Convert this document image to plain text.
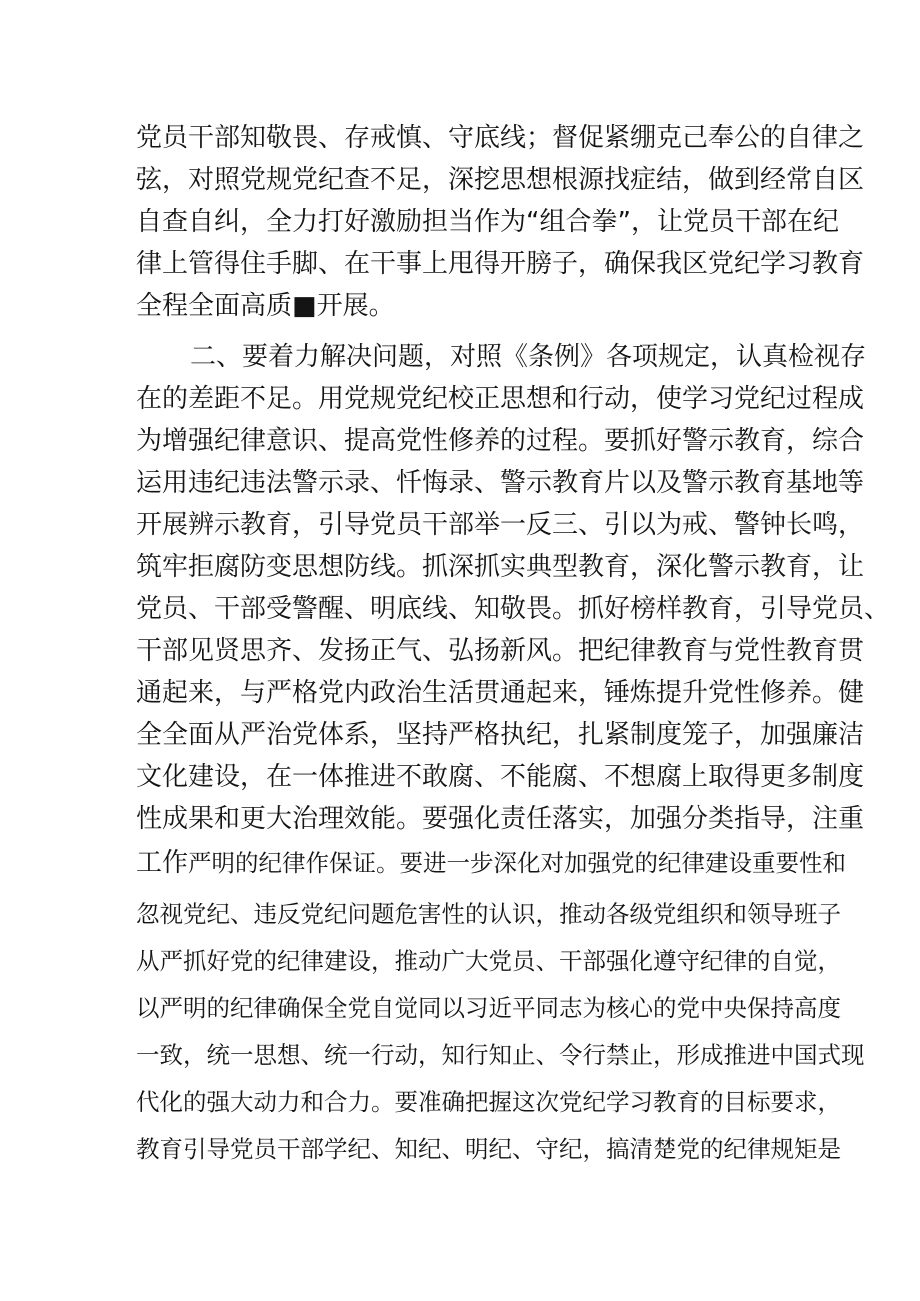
党员干部知敬畏、存戒慎、守底线；督促紧绷克己奉公的自律之
弦，对照党规党纪查不足，深挖思想根源找症结，做到经常自区
自查自纠，全力打好激励担当作为“组合拳”，让党员干部在纪
律上管得住手脚、在干事上甩得开膀子，确保我区党纪学习教育
全程全面高质■开展。
二、要着力解决问题，对照《条例》各项规定，认真检视存
在的差距不足。用党规党纪校正思想和行动，使学习党纪过程成
为增强纪律意识、提高党性修养的过程。要抓好警示教育，综合
运用违纪违法警示录、忏悔录、警示教育片以及警示教育基地等
开展辨示教育，引导党员干部举一反三、引以为戒、警钟长鸣，
筑牢拒腐防变思想防线。抓深抓实典型教育，深化警示教育，让
党员、干部受警醒、明底线、知敬畏。抓好榜样教育，引导党员、
干部见贤思齐、发扬正气、弘扬新风。把纪律教育与党性教育贯
通起来，与严格党内政治生活贯通起来，锤炼提升党性修养。健
全全面从严治党体系，坚持严格执纪，扎紧制度笼子，加强廉洁
文化建设，在一体推进不敢腐、不能腐、不想腐上取得更多制度
性成果和更大治理效能。要强化责任落实，加强分类指导，注重
工作严明的纪律作保证。要进一步深化对加强党的纪律建设重要性和
忽视党纪、违反党纪问题危害性的认识，推动各级党组织和领导班子
从严抓好党的纪律建设，推动广大党员、干部强化遵守纪律的自觉，
以严明的纪律确保全党自觉同以习近平同志为核心的党中央保持高度
一致，统一思想、统一行动，知行知止、令行禁止，形成推进中国式现
代化的强大动力和合力。要准确把握这次党纪学习教育的目标要求，
教育引导党员干部学纪、知纪、明纪、守纪，搞清楚党的纪律规矩是
